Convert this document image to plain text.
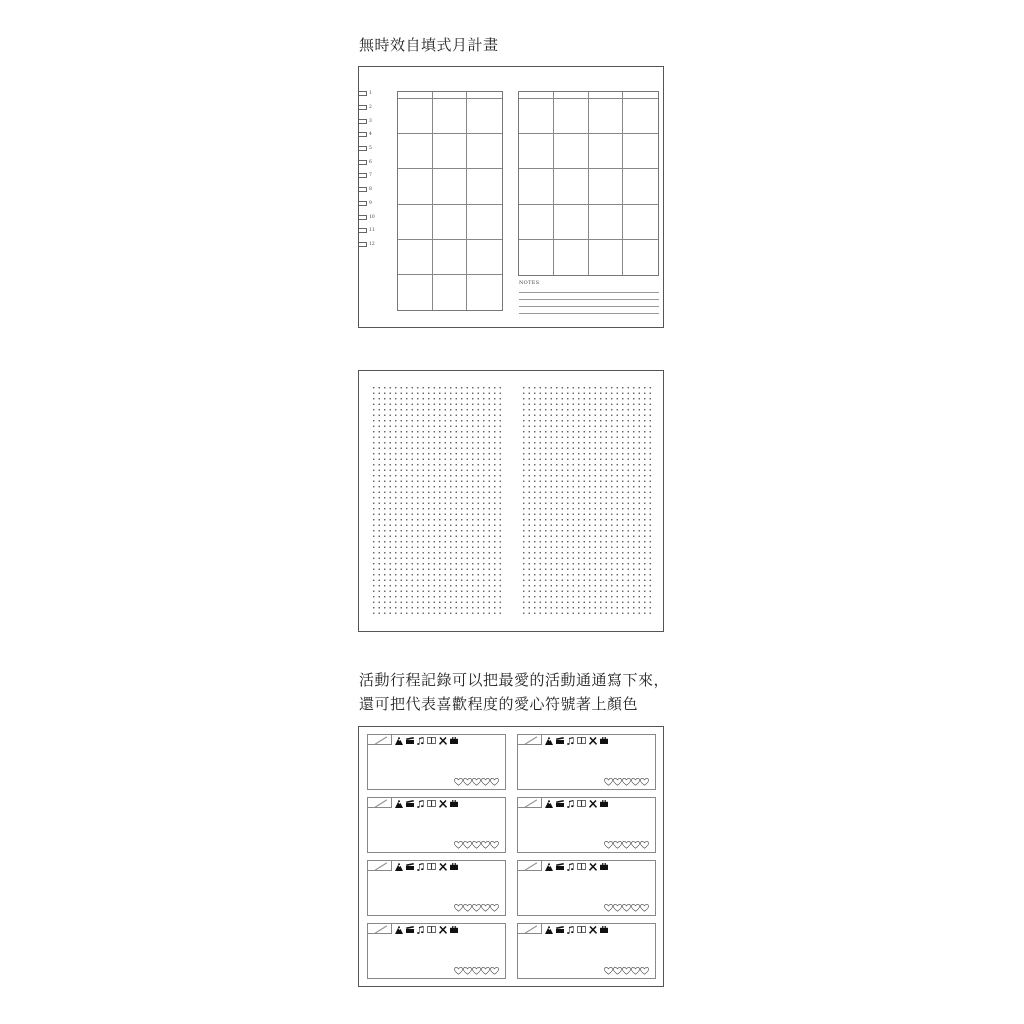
無時效自填式月計畫
1
2
3
4
5
6
7
8
9
10
11
12
NOTES
活動行程記錄可以把最愛的活動通通寫下來，
還可把代表喜歡程度的愛心符號著上顏色
